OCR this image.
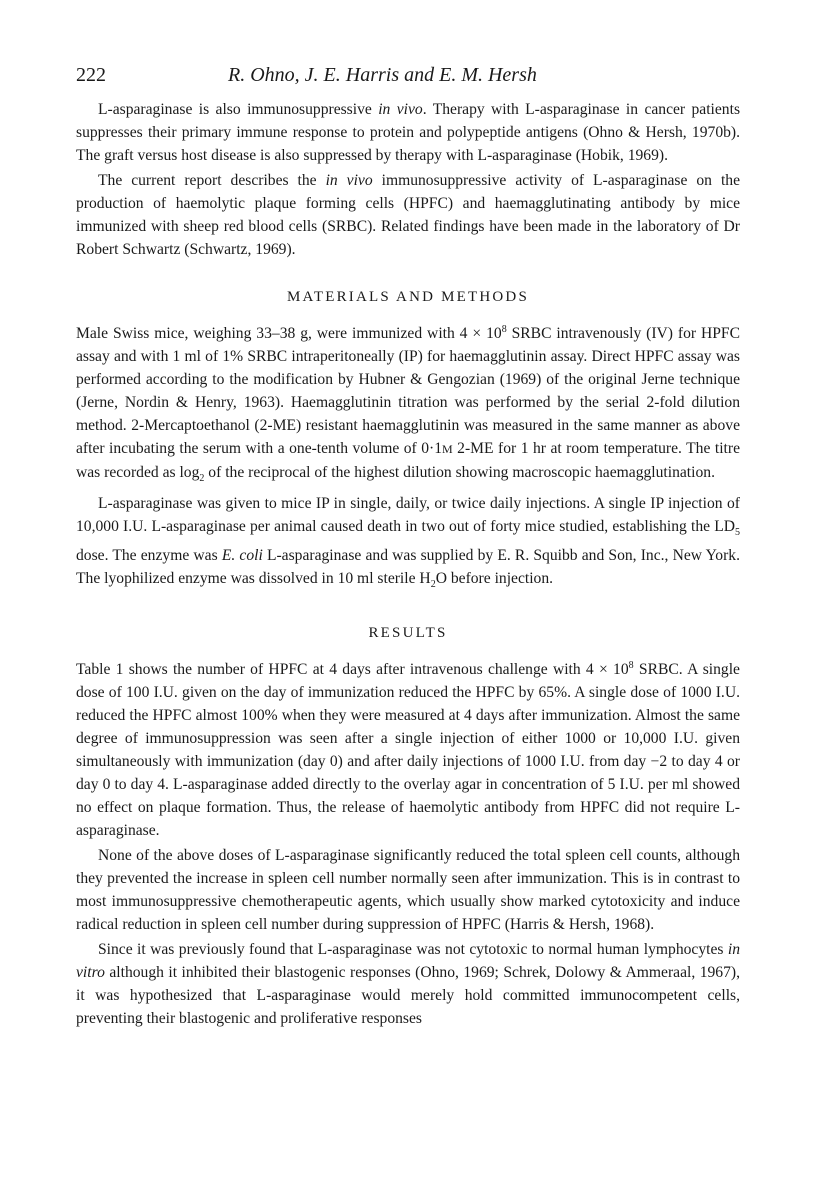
222	R. Ohno, J. E. Harris and E. M. Hersh

L-asparaginase is also immunosuppressive in vivo. Therapy with L-asparaginase in cancer patients suppresses their primary immune response to protein and polypeptide antigens (Ohno & Hersh, 1970b). The graft versus host disease is also suppressed by therapy with L-asparaginase (Hobik, 1969).

The current report describes the in vivo immunosuppressive activity of L-asparaginase on the production of haemolytic plaque forming cells (HPFC) and haemagglutinating antibody by mice immunized with sheep red blood cells (SRBC). Related findings have been made in the laboratory of Dr Robert Schwartz (Schwartz, 1969).

MATERIALS AND METHODS

Male Swiss mice, weighing 33–38 g, were immunized with $4 \times 10^8$ SRBC intravenously (IV) for HPFC assay and with 1 ml of 1% SRBC intraperitoneally (IP) for haemagglutinin assay. Direct HPFC assay was performed according to the modification by Hubner & Gengozian (1969) of the original Jerne technique (Jerne, Nordin & Henry, 1963). Haemagglutinin titration was performed by the serial 2-fold dilution method. 2-Mercaptoethanol (2-ME) resistant haemagglutinin was measured in the same manner as above after incubating the serum with a one-tenth volume of 0·1M 2-ME for 1 hr at room temperature. The titre was recorded as $\log_2$ of the reciprocal of the highest dilution showing macroscopic haemagglutination.

L-asparaginase was given to mice IP in single, daily, or twice daily injections. A single IP injection of 10,000 I.U. L-asparaginase per animal caused death in two out of forty mice studied, establishing the $LD_5$ dose. The enzyme was E. coli L-asparaginase and was supplied by E. R. Squibb and Son, Inc., New York. The lyophilized enzyme was dissolved in 10 ml sterile $H_2O$ before injection.

RESULTS

Table 1 shows the number of HPFC at 4 days after intravenous challenge with $4 \times 10^8$ SRBC. A single dose of 100 I.U. given on the day of immunization reduced the HPFC by 65%. A single dose of 1000 I.U. reduced the HPFC almost 100% when they were measured at 4 days after immunization. Almost the same degree of immunosuppression was seen after a single injection of either 1000 or 10,000 I.U. given simultaneously with immunization (day 0) and after daily injections of 1000 I.U. from day −2 to day 4 or day 0 to day 4. L-asparaginase added directly to the overlay agar in concentration of 5 I.U. per ml showed no effect on plaque formation. Thus, the release of haemolytic antibody from HPFC did not require L-asparaginase.

None of the above doses of L-asparaginase significantly reduced the total spleen cell counts, although they prevented the increase in spleen cell number normally seen after immunization. This is in contrast to most immunosuppressive chemotherapeutic agents, which usually show marked cytotoxicity and induce radical reduction in spleen cell number during suppression of HPFC (Harris & Hersh, 1968).

Since it was previously found that L-asparaginase was not cytotoxic to normal human lymphocytes in vitro although it inhibited their blastogenic responses (Ohno, 1969; Schrek, Dolowy & Ammeraal, 1967), it was hypothesized that L-asparaginase would merely hold committed immunocompetent cells, preventing their blastogenic and proliferative responses
